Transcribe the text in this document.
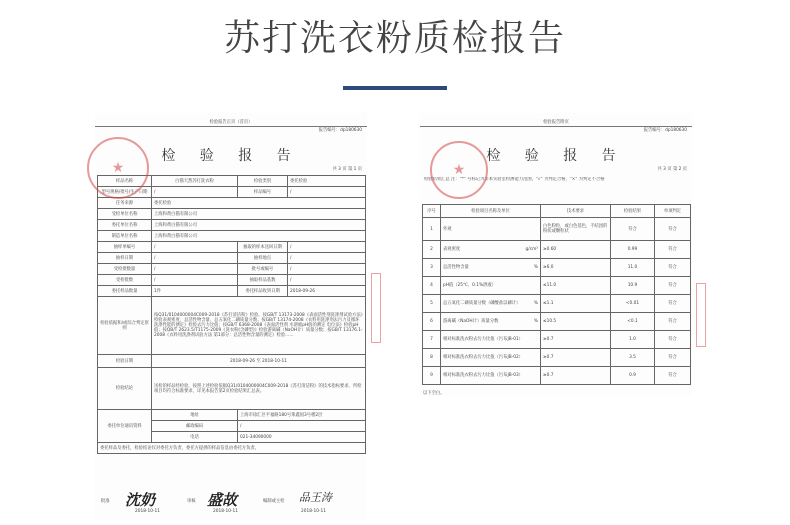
苏打洗衣粉质检报告
检验报告正页（首页）
报告编号：dp180630
检 验 报 告
共 3 页 第 1 页
样品名称	白猫天然苏打洗衣粉	检验类别	委托检验
型号规格/批号/生产日期	/	样品编号	/
任务来源	委托检验		
受检单位名称	上海和黄白猫有限公司		
委托单位名称	上海和黄白猫有限公司		
制造单位名称	上海和黄白猫有限公司		
抽样单编号	/	抽取的样本送回日期	/
抽样日期	/	抽样地点	/
受检批数量	/	批号或编号	/
受检批数	/	抽取样品基数	/
委托样品数量	1件	委托样品收到日期	2018-09-26
检验依据和/或综合判定原则	按Q31/0104000004C009-2018《苏打清洁粉》检验。按GB/T 13173-2008《表面活性剂洗涤剂试验方法》检验表观密度、总活性物含量、总五氧化二磷质量分数；按GB/T 13174-2008《衣料用洗涤剂去污力及循环洗涤性能的测定》检验去污力比值；按GB/T 6368-2008《表面活性剂 水溶液pH值的测定 电位法》检验pH值；按QB/T 2623.5/T1175-2009《洗衣粉(含磷型)》检验游离碱（NaOH计）质量分数；按GB/T 13176.1-2008《衣料用洗涤剂试验方法 第1部分：总活性物含量的测定》检验……		
检验日期	2018-09-26 至 2018-10-11		
检验结论	送检的样品经检验，按照上述检验依据Q31/0104000004C009-2018《苏打清洁粉》的技术指标要求，所检项目均符合标准要求，详见本报告第2页检验结果汇总表。		
委托单位通讯资料	地址	上海市徐汇区平福路180号莱鑫国3号楼2层	
	邮政编码	/	
	电话	021-34090000	
委托样品及委托，检验结论仅对委托方负责，委托方提供的样品信息由委托方负责。			
★
批准 沈奶
2018-10-11
审核 盛故
2018-10-11
编制或主检 品王涛
2018-10-11
检验报告附页
报告编号：dp180630
检 验 报 告
共 3 页 第 2 页
检验结果汇总 注："*" 号标记为非本实验室检测能力范围，"√" 为判定合格，"×" 为判定不合格
序号	检验项目名称及单位	技术要求	检验结果	单项判定
1	外观	白色粉粒，或白色基色，不结团的粉状或颗粒状	符合	符合
2	表观密度 g/cm³	≥0.60	0.99	符合
3	总活性物含量 %	≥6.0	11.0	符合
4	pH值（25℃，0.1%溶液）	≤11.0	10.9	符合
5	总五氧化二磷质量分数（磷酸盐以磷计） %	≤1.1	<0.01	符合
6	游离碱（NaOH计）质量分数 %	≤10.5	<0.1	符合
7	相对标准洗衣粉去污力比值（污布JB-01）	≥0.7	1.0	符合
8	相对标准洗衣粉去污力比值（污布JB-02）	≥0.7	3.5	符合
9	相对标准洗衣粉去污力比值（污布JB-03）	≥0.7	0.9	符合
以下空白。
★
